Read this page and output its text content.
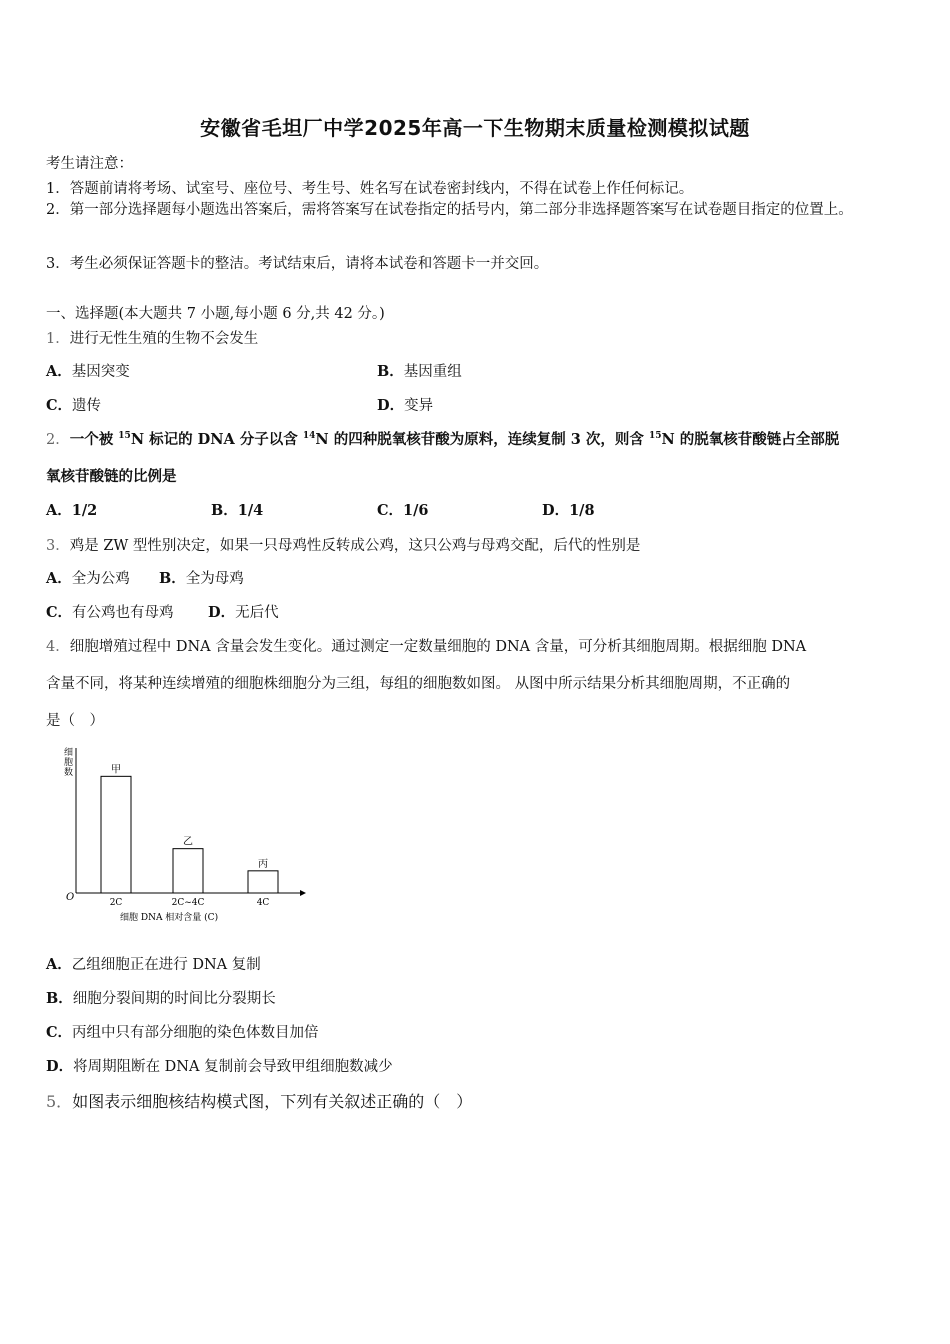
安徽省毛坦厂中学2025年高一下生物期末质量检测模拟试题
考生请注意：
1．答题前请将考场、试室号、座位号、考生号、姓名写在试卷密封线内，不得在试卷上作任何标记。
2．第一部分选择题每小题选出答案后，需将答案写在试卷指定的括号内，第二部分非选择题答案写在试卷题目指定的位置上。
3．考生必须保证答题卡的整洁。考试结束后，请将本试卷和答题卡一并交回。
一、选择题(本大题共 7 小题,每小题 6 分,共 42 分。)
1．进行无性生殖的生物不会发生
A．基因突变	B．基因重组
C．遗传	D．变异
2．一个被 $^{15}$N 标记的 DNA 分子以含 $^{14}$N 的四种脱氧核苷酸为原料，连续复制 3 次，则含 $^{15}$N 的脱氧核苷酸链占全部脱
氧核苷酸链的比例是
A．1/2	B．1/4	C．1/6	D．1/8
3．鸡是 ZW 型性别决定，如果一只母鸡性反转成公鸡，这只公鸡与母鸡交配，后代的性别是
A．全为公鸡 B．全为母鸡
C．有公鸡也有母鸡 D．无后代
4．细胞增殖过程中 DNA 含量会发生变化。通过测定一定数量细胞的 DNA 含量，可分析其细胞周期。根据细胞 DNA
含量不同，将某种连续增殖的细胞株细胞分为三组，每组的细胞数如图。 从图中所示结果分析其细胞周期，不正确的
是（　）
细
胞
数
O
甲
2C
乙
2C~4C
丙
4C
细胞 DNA 相对含量 (C)
A．乙组细胞正在进行 DNA 复制
B．细胞分裂间期的时间比分裂期长
C．丙组中只有部分细胞的染色体数目加倍
D．将周期阻断在 DNA 复制前会导致甲组细胞数减少
5．如图表示细胞核结构模式图，下列有关叙述正确的（　）
